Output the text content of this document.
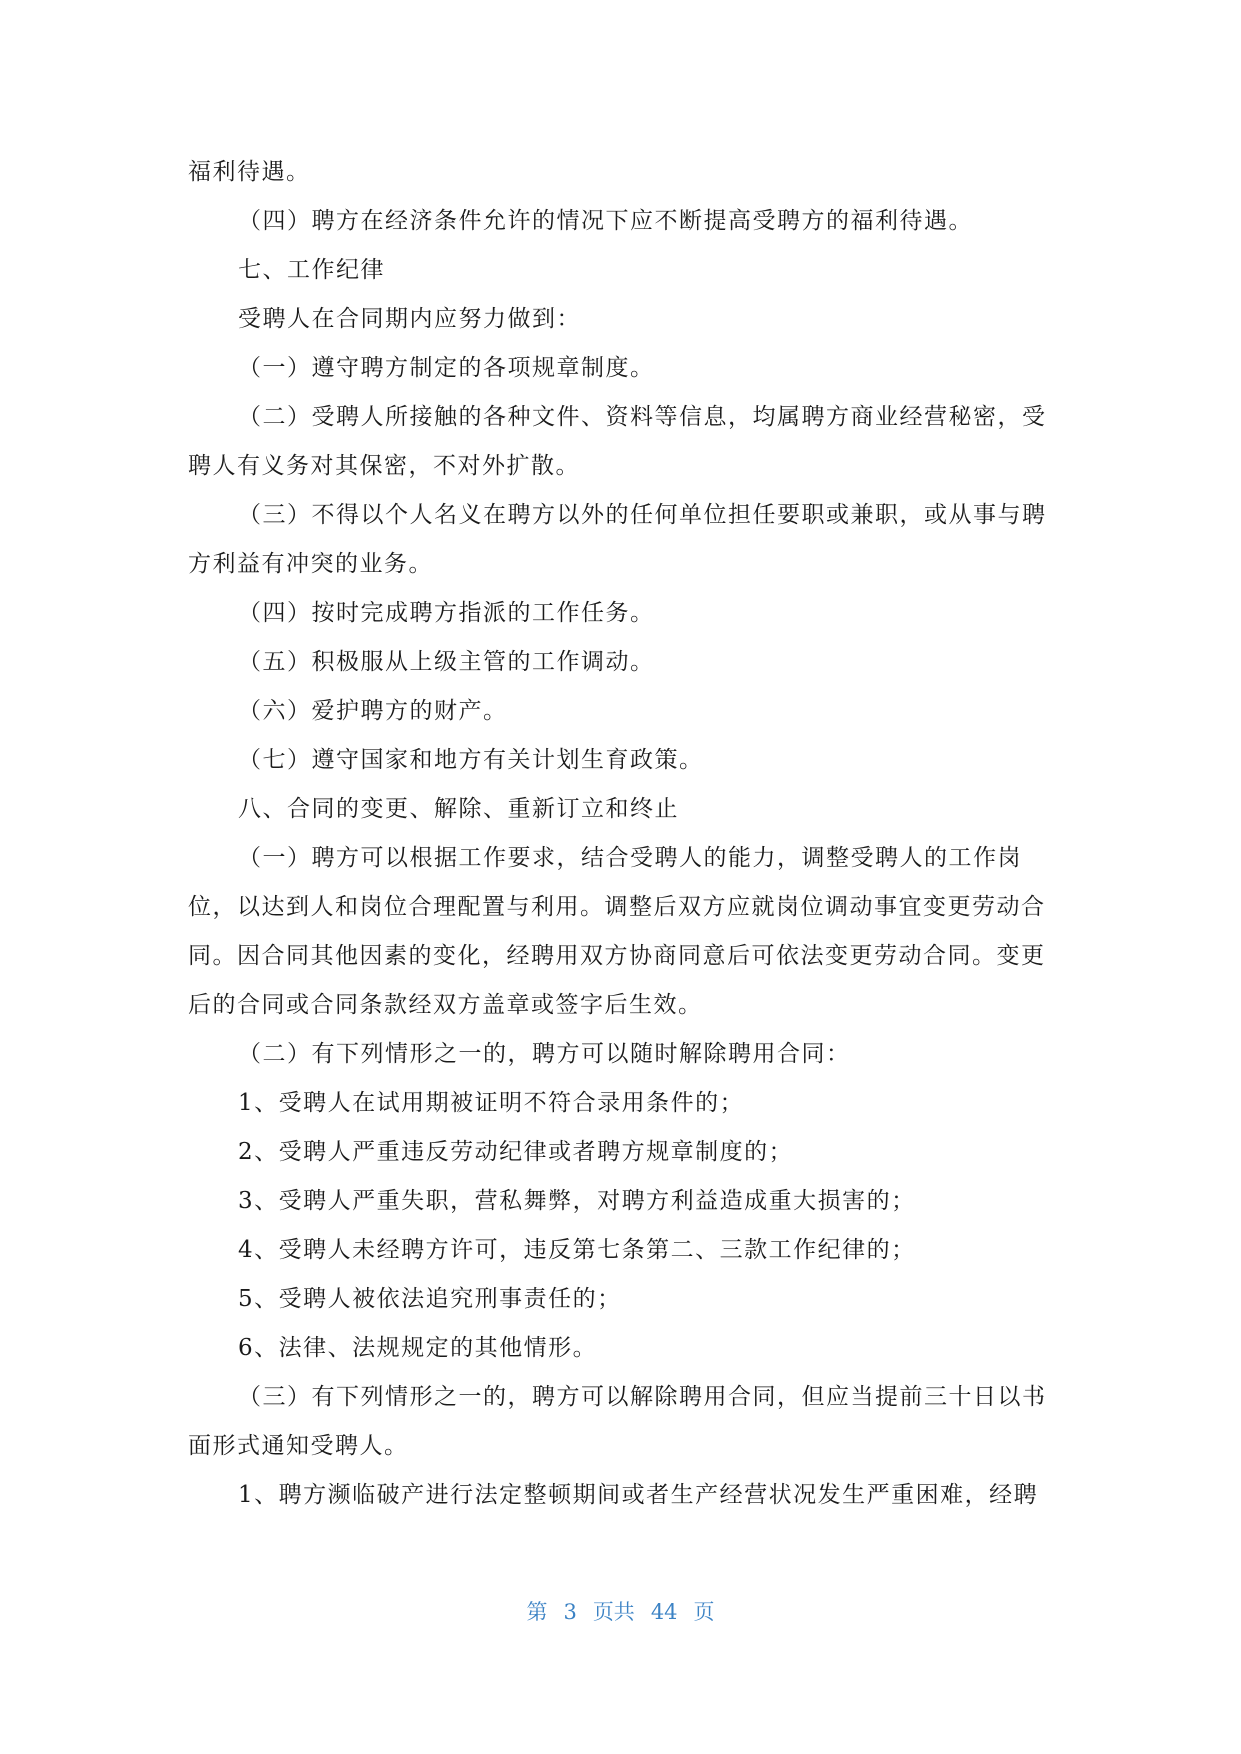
福利待遇。

（四）聘方在经济条件允许的情况下应不断提高受聘方的福利待遇。

七、工作纪律

受聘人在合同期内应努力做到：

（一）遵守聘方制定的各项规章制度。

（二）受聘人所接触的各种文件、资料等信息，均属聘方商业经营秘密，受聘人有义务对其保密，不对外扩散。

（三）不得以个人名义在聘方以外的任何单位担任要职或兼职，或从事与聘方利益有冲突的业务。

（四）按时完成聘方指派的工作任务。

（五）积极服从上级主管的工作调动。

（六）爱护聘方的财产。

（七）遵守国家和地方有关计划生育政策。

八、合同的变更、解除、重新订立和终止

（一）聘方可以根据工作要求，结合受聘人的能力，调整受聘人的工作岗位，以达到人和岗位合理配置与利用。调整后双方应就岗位调动事宜变更劳动合同。因合同其他因素的变化，经聘用双方协商同意后可依法变更劳动合同。变更后的合同或合同条款经双方盖章或签字后生效。

（二）有下列情形之一的，聘方可以随时解除聘用合同：

1、受聘人在试用期被证明不符合录用条件的；

2、受聘人严重违反劳动纪律或者聘方规章制度的；

3、受聘人严重失职，营私舞弊，对聘方利益造成重大损害的；

4、受聘人未经聘方许可，违反第七条第二、三款工作纪律的；

5、受聘人被依法追究刑事责任的；

6、法律、法规规定的其他情形。

（三）有下列情形之一的，聘方可以解除聘用合同，但应当提前三十日以书面形式通知受聘人。

1、聘方濒临破产进行法定整顿期间或者生产经营状况发生严重困难，经聘

第 3 页共 44 页
